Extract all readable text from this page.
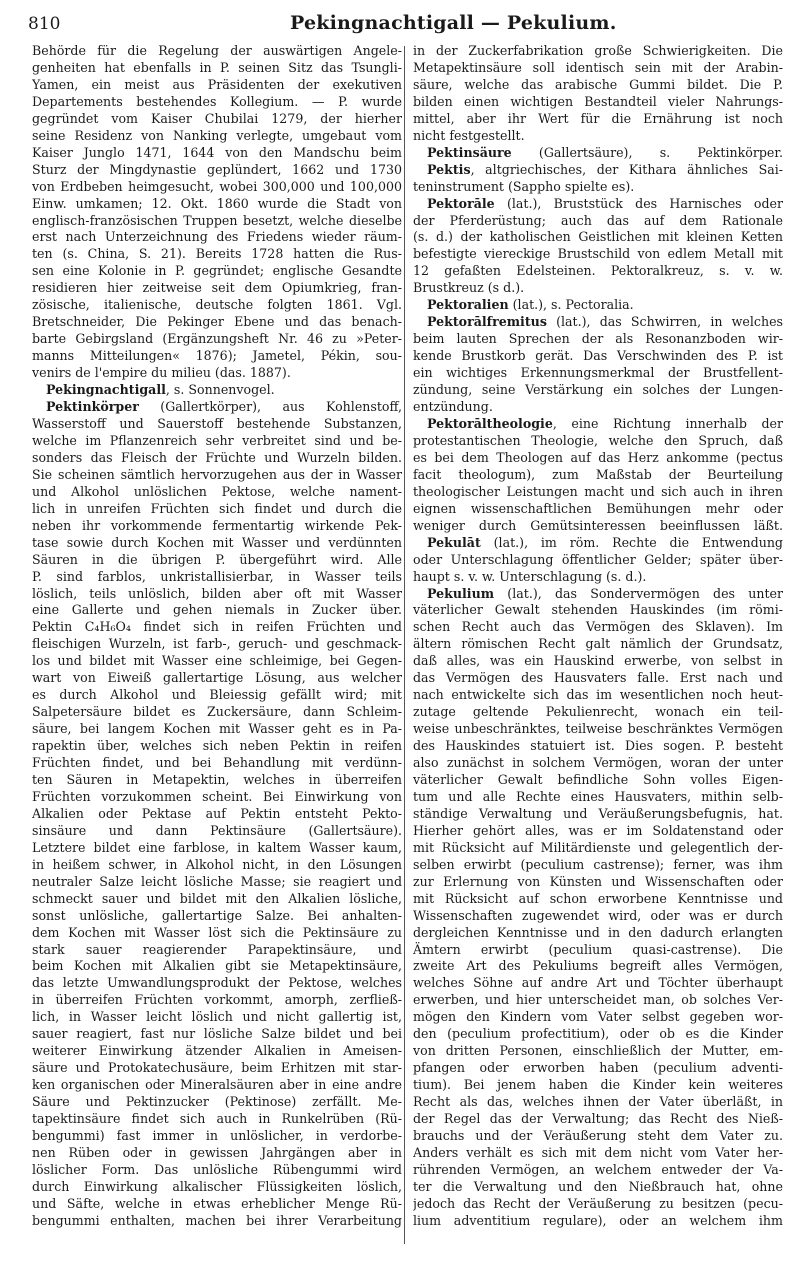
810	Pekingnachtigall — Pekulium.
Behörde für die Regelung der auswärtigen Angele-
genheiten hat ebenfalls in P. seinen Sitz das Tsungli-
Yamen, ein meist aus Präsidenten der exekutiven
Departements bestehendes Kollegium. — P. wurde
gegründet vom Kaiser Chubilai 1279, der hierher
seine Residenz von Nanking verlegte, umgebaut vom
Kaiser Junglo 1471, 1644 von den Mandschu beim
Sturz der Mingdynastie geplündert, 1662 und 1730
von Erdbeben heimgesucht, wobei 300,000 und 100,000
Einw. umkamen; 12. Okt. 1860 wurde die Stadt von
englisch-französischen Truppen besetzt, welche dieselbe
erst nach Unterzeichnung des Friedens wieder räum-
ten (s. China, S. 21). Bereits 1728 hatten die Rus-
sen eine Kolonie in P. gegründet; englische Gesandte
residieren hier zeitweise seit dem Opiumkrieg, fran-
zösische, italienische, deutsche folgten 1861. Vgl.
Bretschneider, Die Pekinger Ebene und das benach-
barte Gebirgsland (Ergänzungsheft Nr. 46 zu »Peter-
manns Mitteilungen« 1876); Jametel, Pékin, sou-
venirs de l'empire du milieu (das. 1887).
Pekingnachtigall, s. Sonnenvogel.
Pektinkörper (Gallertkörper), aus Kohlenstoff,
Wasserstoff und Sauerstoff bestehende Substanzen,
welche im Pflanzenreich sehr verbreitet sind und be-
sonders das Fleisch der Früchte und Wurzeln bilden.
Sie scheinen sämtlich hervorzugehen aus der in Wasser
und Alkohol unlöslichen Pektose, welche nament-
lich in unreifen Früchten sich findet und durch die
neben ihr vorkommende fermentartig wirkende Pek-
tase sowie durch Kochen mit Wasser und verdünnten
Säuren in die übrigen P. übergeführt wird. Alle
P. sind farblos, unkristallisierbar, in Wasser teils
löslich, teils unlöslich, bilden aber oft mit Wasser
eine Gallerte und gehen niemals in Zucker über.
Pektin C₄H₆O₄ findet sich in reifen Früchten und
fleischigen Wurzeln, ist farb-, geruch- und geschmack-
los und bildet mit Wasser eine schleimige, bei Gegen-
wart von Eiweiß gallertartige Lösung, aus welcher
es durch Alkohol und Bleiessig gefällt wird; mit
Salpetersäure bildet es Zuckersäure, dann Schleim-
säure, bei langem Kochen mit Wasser geht es in Pa-
rapektin über, welches sich neben Pektin in reifen
Früchten findet, und bei Behandlung mit verdünn-
ten Säuren in Metapektin, welches in überreifen
Früchten vorzukommen scheint. Bei Einwirkung von
Alkalien oder Pektase auf Pektin entsteht Pekto-
sinsäure und dann Pektinsäure (Gallertsäure).
Letztere bildet eine farblose, in kaltem Wasser kaum,
in heißem schwer, in Alkohol nicht, in den Lösungen
neutraler Salze leicht lösliche Masse; sie reagiert und
schmeckt sauer und bildet mit den Alkalien lösliche,
sonst unlösliche, gallertartige Salze. Bei anhalten-
dem Kochen mit Wasser löst sich die Pektinsäure zu
stark sauer reagierender Parapektinsäure, und
beim Kochen mit Alkalien gibt sie Metapektinsäure,
das letzte Umwandlungsprodukt der Pektose, welches
in überreifen Früchten vorkommt, amorph, zerfließ-
lich, in Wasser leicht löslich und nicht gallertig ist,
sauer reagiert, fast nur lösliche Salze bildet und bei
weiterer Einwirkung ätzender Alkalien in Ameisen-
säure und Protokatechusäure, beim Erhitzen mit star-
ken organischen oder Mineralsäuren aber in eine andre
Säure und Pektinzucker (Pektinose) zerfällt. Me-
tapektinsäure findet sich auch in Runkelrüben (Rü-
bengummi) fast immer in unlöslicher, in verdorbe-
nen Rüben oder in gewissen Jahrgängen aber in
löslicher Form. Das unlösliche Rübengummi wird
durch Einwirkung alkalischer Flüssigkeiten löslich,
und Säfte, welche in etwas erheblicher Menge Rü-
bengummi enthalten, machen bei ihrer Verarbeitung
in der Zuckerfabrikation große Schwierigkeiten. Die
Metapektinsäure soll identisch sein mit der Arabin-
säure, welche das arabische Gummi bildet. Die P.
bilden einen wichtigen Bestandteil vieler Nahrungs-
mittel, aber ihr Wert für die Ernährung ist noch
nicht festgestellt.
Pektinsäure (Gallertsäure), s. Pektinkörper.
Pektis, altgriechisches, der Kithara ähnliches Sai-
teninstrument (Sappho spielte es).
Pektorāle (lat.), Bruststück des Harnisches oder
der Pferderüstung; auch das auf dem Rationale
(s. d.) der katholischen Geistlichen mit kleinen Ketten
befestigte viereckige Brustschild von edlem Metall mit
12 gefaßten Edelsteinen. Pektoralkreuz, s. v. w.
Brustkreuz (s d.).
Pektoralien (lat.), s. Pectoralia.
Pektorālfremitus (lat.), das Schwirren, in welches
beim lauten Sprechen der als Resonanzboden wir-
kende Brustkorb gerät. Das Verschwinden des P. ist
ein wichtiges Erkennungsmerkmal der Brustfellent-
zündung, seine Verstärkung ein solches der Lungen-
entzündung.
Pektorāltheologie, eine Richtung innerhalb der
protestantischen Theologie, welche den Spruch, daß
es bei dem Theologen auf das Herz ankomme (pectus
facit theologum), zum Maßstab der Beurteilung
theologischer Leistungen macht und sich auch in ihren
eignen wissenschaftlichen Bemühungen mehr oder
weniger durch Gemütsinteressen beeinflussen läßt.
Pekulāt (lat.), im röm. Rechte die Entwendung
oder Unterschlagung öffentlicher Gelder; später über-
haupt s. v. w. Unterschlagung (s. d.).
Pekulium (lat.), das Sondervermögen des unter
väterlicher Gewalt stehenden Hauskindes (im römi-
schen Recht auch das Vermögen des Sklaven). Im
ältern römischen Recht galt nämlich der Grundsatz,
daß alles, was ein Hauskind erwerbe, von selbst in
das Vermögen des Hausvaters falle. Erst nach und
nach entwickelte sich das im wesentlichen noch heut-
zutage geltende Pekulienrecht, wonach ein teil-
weise unbeschränktes, teilweise beschränktes Vermögen
des Hauskindes statuiert ist. Dies sogen. P. besteht
also zunächst in solchem Vermögen, woran der unter
väterlicher Gewalt befindliche Sohn volles Eigen-
tum und alle Rechte eines Hausvaters, mithin selb-
ständige Verwaltung und Veräußerungsbefugnis, hat.
Hierher gehört alles, was er im Soldatenstand oder
mit Rücksicht auf Militärdienste und gelegentlich der-
selben erwirbt (peculium castrense); ferner, was ihm
zur Erlernung von Künsten und Wissenschaften oder
mit Rücksicht auf schon erworbene Kenntnisse und
Wissenschaften zugewendet wird, oder was er durch
dergleichen Kenntnisse und in den dadurch erlangten
Ämtern erwirbt (peculium quasi-castrense). Die
zweite Art des Pekuliums begreift alles Vermögen,
welches Söhne auf andre Art und Töchter überhaupt
erwerben, und hier unterscheidet man, ob solches Ver-
mögen den Kindern vom Vater selbst gegeben wor-
den (peculium profectitium), oder ob es die Kinder
von dritten Personen, einschließlich der Mutter, em-
pfangen oder erworben haben (peculium adventi-
tium). Bei jenem haben die Kinder kein weiteres
Recht als das, welches ihnen der Vater überläßt, in
der Regel das der Verwaltung; das Recht des Nieß-
brauchs und der Veräußerung steht dem Vater zu.
Anders verhält es sich mit dem nicht vom Vater her-
rührenden Vermögen, an welchem entweder der Va-
ter die Verwaltung und den Nießbrauch hat, ohne
jedoch das Recht der Veräußerung zu besitzen (pecu-
lium adventitium regulare), oder an welchem ihm
